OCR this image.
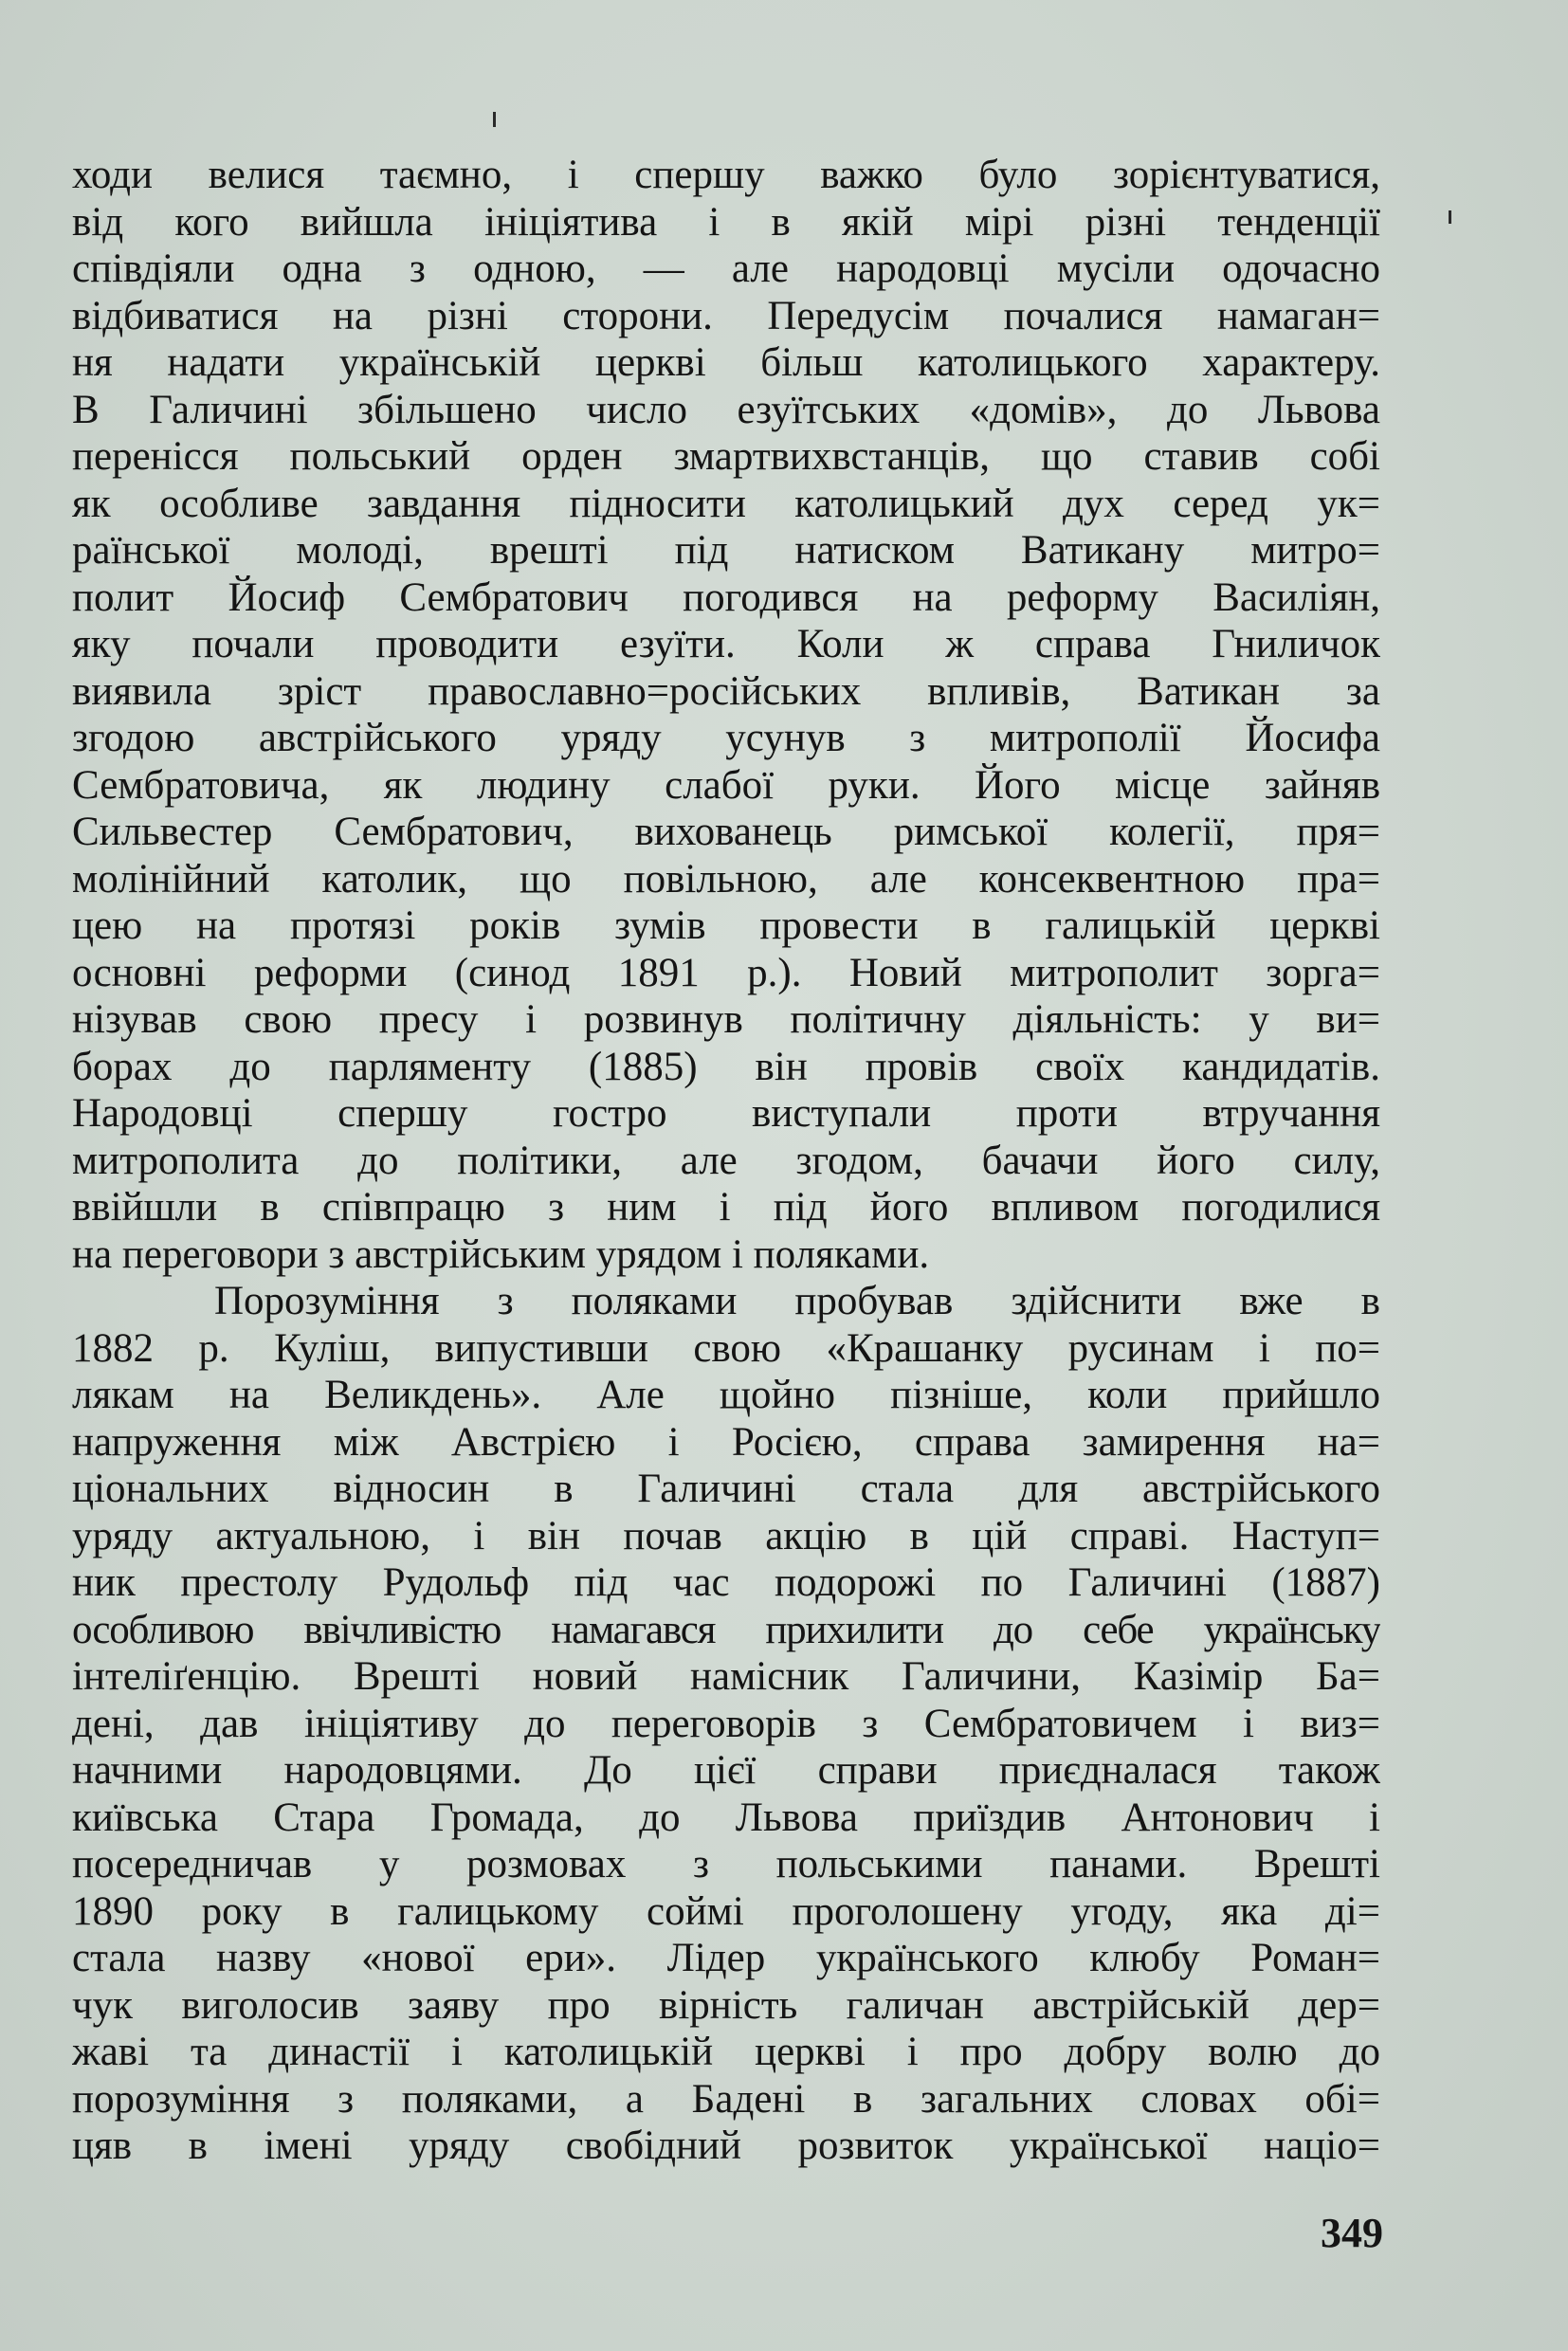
ходи велися таємно, і спершу важко було зорієнтуватися,
від кого вийшла ініціятива і в якій мірі різні тенденції
співдіяли одна з одною, — але народовці мусіли одочасно
відбиватися на різні сторони. Передусім почалися намаган=
ня надати українській церкві більш католицького характеру.
В Галичині збільшено число езуїтських «домів», до Львова
перенісся польський орден змартвихвстанців, що ставив собі
як особливе завдання підносити католицький дух серед ук=
раїнської молоді, врешті під натиском Ватикану митро=
полит Йосиф Сембратович погодився на реформу Василіян,
яку почали проводити езуїти. Коли ж справа Гниличок
виявила зріст православно=російських впливів, Ватикан за
згодою австрійського уряду усунув з митрополії Йосифа
Сембратовича, як людину слабої руки. Його місце зайняв
Сильвестер Сембратович, вихованець римської колегії, пря=
молінійний католик, що повільною, але консеквентною пра=
цею на протязі років зумів провести в галицькій церкві
основні реформи (синод 1891 р.). Новий митрополит зорга=
нізував свою пресу і розвинув політичну діяльність: у ви=
борах до парляменту (1885) він провів своїх кандидатів.
Народовці спершу гостро виступали проти втручання
митрополита до політики, але згодом, бачачи його силу,
ввійшли в співпрацю з ним і під його впливом погодилися
на переговори з австрійським урядом і поляками.

Порозуміння з поляками пробував здійснити вже в
1882 р. Куліш, випустивши свою «Крашанку русинам і по=
лякам на Великдень». Але щойно пізніше, коли прийшло
напруження між Австрією і Росією, справа замирення на=
ціональних відносин в Галичині стала для австрійського
уряду актуальною, і він почав акцію в цій справі. Наступ=
ник престолу Рудольф під час подорожі по Галичині (1887)
особливою ввічливістю намагався прихилити до себе українську
інтеліґенцію. Врешті новий намісник Галичини, Казімір Ба=
дені, дав ініціятиву до переговорів з Сембратовичем і виз=
начними народовцями. До цієї справи приєдналася також
київська Стара Громада, до Львова приїздив Антонович і
посередничав у розмовах з польськими панами. Врешті
1890 року в галицькому соймі проголошену угоду, яка ді=
стала назву «нової ери». Лідер українського клюбу Роман=
чук виголосив заяву про вірність галичан австрійській дер=
жаві та династії і католицькій церкві і про добру волю до
порозуміння з поляками, а Бадені в загальних словах обі=
цяв в імені уряду свобідний розвиток української націо=

349
